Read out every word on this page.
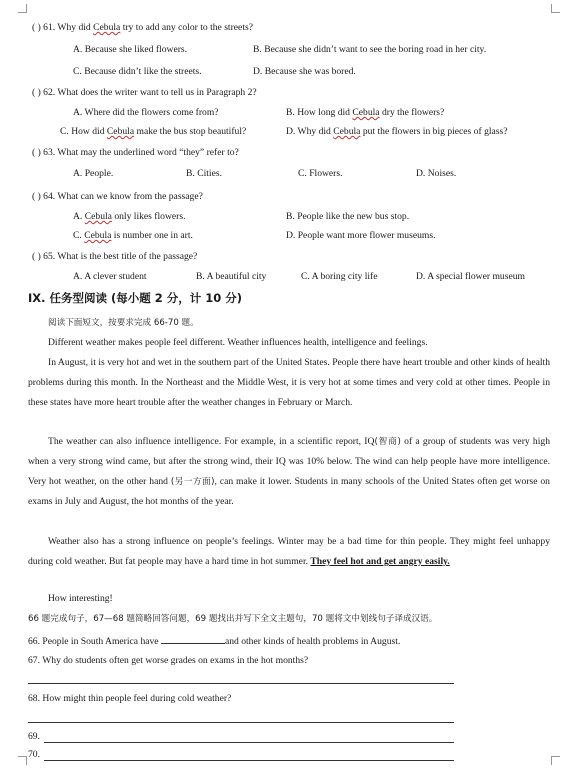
( ) 61. Why did Cebula try to add any color to the streets?
A. Because she liked flowers.	B. Because she didn’t want to see the boring road in her city.
C. Because didn’t like the streets.	D. Because she was bored.
( ) 62. What does the writer want to tell us in Paragraph 2?
A. Where did the flowers come from?	B. How long did Cebula dry the flowers?
C. How did Cebula make the bus stop beautiful?	D. Why did Cebula put the flowers in big pieces of glass?
( ) 63. What may the underlined word “they” refer to?
A. People.	B. Cities.	C. Flowers.	D. Noises.
( ) 64. What can we know from the passage?
A. Cebula only likes flowers.	B. People like the new bus stop.
C. Cebula is number one in art.	D. People want more flower museums.
( ) 65. What is the best title of the passage?
A. A clever student	B. A beautiful city	C. A boring city life	D. A special flower museum
IX. 任务型阅读 (每小题 2 分，计 10 分)
阅读下面短文，按要求完成 66-70 题。
Different weather makes people feel different. Weather influences health, intelligence and feelings.
In August, it is very hot and wet in the southern part of the United States. People there have heart trouble and other kinds of health problems during this month. In the Northeast and the Middle West, it is very hot at some times and very cold at other times. People in these states have more heart trouble after the weather changes in February or March.
The weather can also influence intelligence. For example, in a scientific report, IQ(智商) of a group of students was very high when a very strong wind came, but after the strong wind, their IQ was 10% below. The wind can help people have more intelligence. Very hot weather, on the other hand (另一方面), can make it lower. Students in many schools of the United States often get worse on exams in July and August, the hot months of the year.
Weather also has a strong influence on people’s feelings. Winter may be a bad time for thin people. They might feel unhappy during cold weather. But fat people may have a hard time in hot summer. They feel hot and get angry easily.
How interesting!
66 题完成句子，67—68 题简略回答问题，69 题找出并写下全文主题句，70 题将文中划线句子译成汉语。
66. People in South America have	and other kinds of health problems in August.
67. Why do students often get worse grades on exams in the hot months?
68. How might thin people feel during cold weather?
69.
70.
